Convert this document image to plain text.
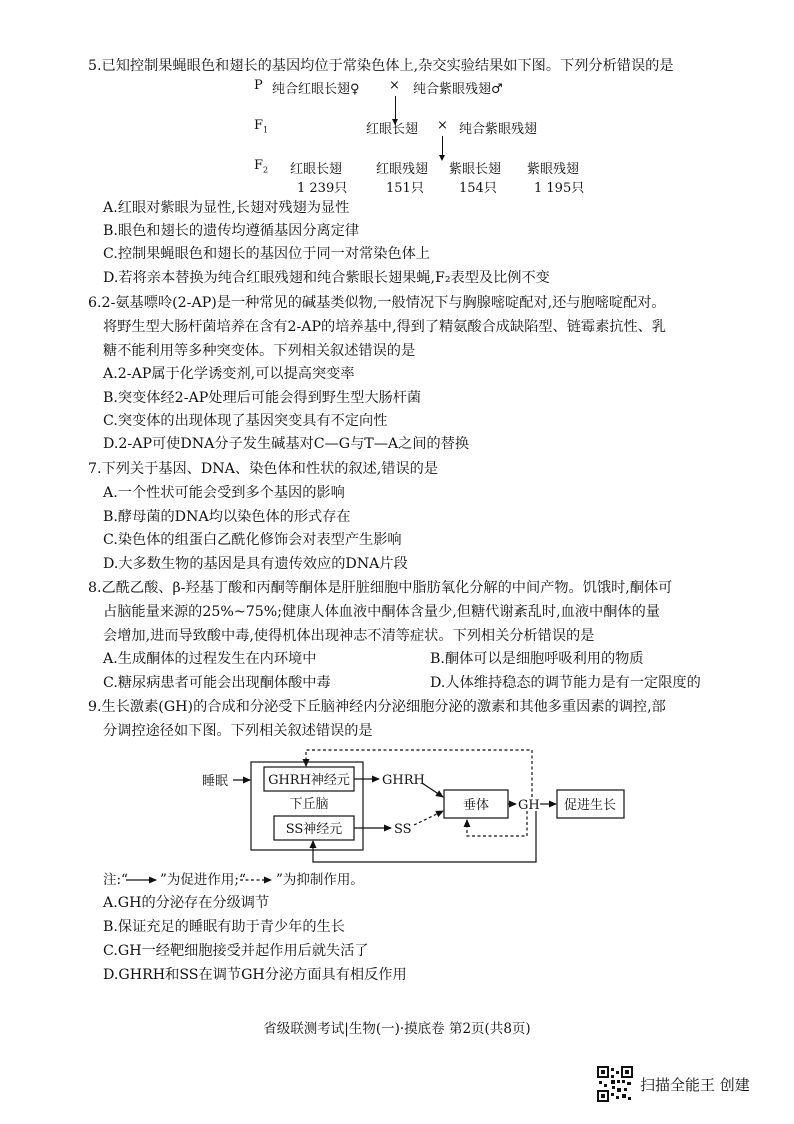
5.已知控制果蝇眼色和翅长的基因均位于常染色体上,杂交实验结果如下图。下列分析错误的是
P 纯合红眼长翅♀ × 纯合紫眼残翅♂
$F_1$	红眼长翅 × 纯合紫眼残翅
$F_2$ 红眼长翅	红眼残翅 紫眼长翅 紫眼残翅
1 239只	151只	154只	1 195只
A.红眼对紫眼为显性,长翅对残翅为显性
B.眼色和翅长的遗传均遵循基因分离定律
C.控制果蝇眼色和翅长的基因位于同一对常染色体上
D.若将亲本替换为纯合红眼残翅和纯合紫眼长翅果蝇,F₂表型及比例不变
6.2-氨基嘌呤(2-AP)是一种常见的碱基类似物,一般情况下与胸腺嘧啶配对,还与胞嘧啶配对。
将野生型大肠杆菌培养在含有2-AP的培养基中,得到了精氨酸合成缺陷型、链霉素抗性、乳
糖不能利用等多种突变体。下列相关叙述错误的是
A.2-AP属于化学诱变剂,可以提高突变率
B.突变体经2-AP处理后可能会得到野生型大肠杆菌
C.突变体的出现体现了基因突变具有不定向性
D.2-AP可使DNA分子发生碱基对C—G与T—A之间的替换
7.下列关于基因、DNA、染色体和性状的叙述,错误的是
A.一个性状可能会受到多个基因的影响
B.酵母菌的DNA均以染色体的形式存在
C.染色体的组蛋白乙酰化修饰会对表型产生影响
D.大多数生物的基因是具有遗传效应的DNA片段
8.乙酰乙酸、β-羟基丁酸和丙酮等酮体是肝脏细胞中脂肪氧化分解的中间产物。饥饿时,酮体可
占脑能量来源的25%~75%;健康人体血液中酮体含量少,但糖代谢紊乱时,血液中酮体的量
会增加,进而导致酸中毒,使得机体出现神志不清等症状。下列相关分析错误的是
A.生成酮体的过程发生在内环境中	B.酮体可以是细胞呼吸利用的物质
C.糖尿病患者可能会出现酮体酸中毒	D.人体维持稳态的调节能力是有一定限度的
9.生长激素(GH)的合成和分泌受下丘脑神经内分泌细胞分泌的激素和其他多重因素的调控,部
分调控途径如下图。下列相关叙述错误的是
GHRH神经元
下丘脑
SS神经元
睡眠	GHRH
SS
垂体 GH 促进生长
注:“ ”为促进作用;“ ”为抑制作用。
A.GH的分泌存在分级调节
B.保证充足的睡眠有助于青少年的生长
C.GH一经靶细胞接受并起作用后就失活了
D.GHRH和SS在调节GH分泌方面具有相反作用
省级联测考试|生物(一)·摸底卷 第2页(共8页)
扫描全能王 创建
